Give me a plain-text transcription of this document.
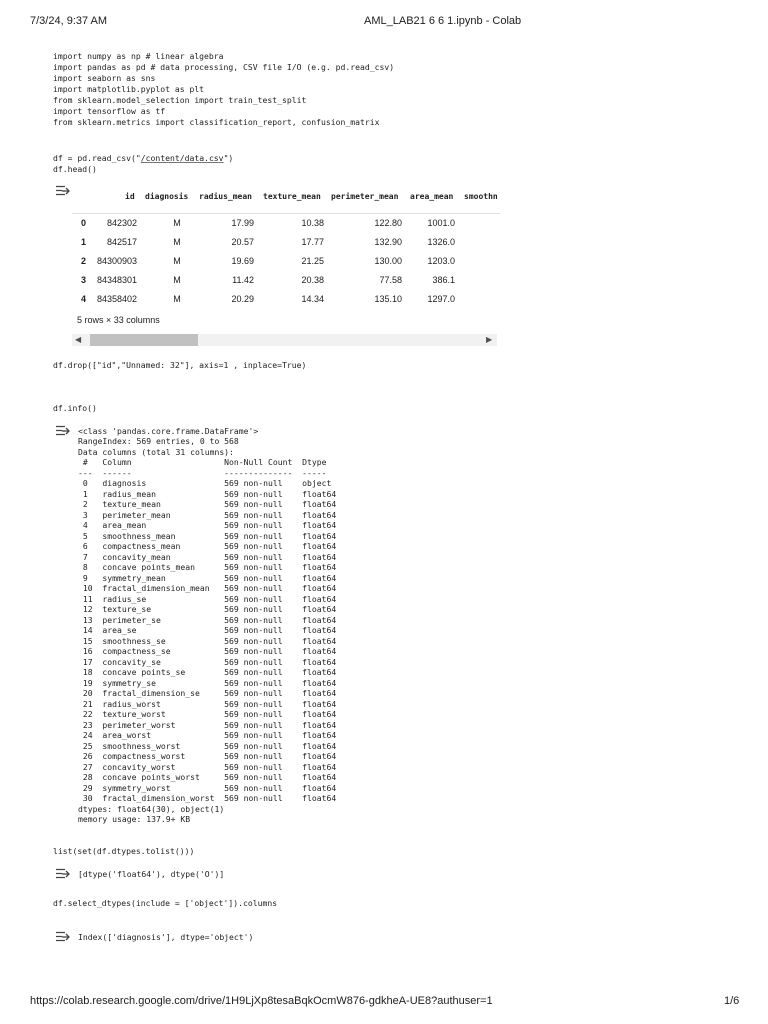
7/3/24, 9:37 AM	AML_LAB21 6 6 1.ipynb - Colab
https://colab.research.google.com/drive/1H9LjXp8tesaBqkOcmW876-gdkheA-UE8?authuser=1	1/6
import numpy as np # linear algebra
import pandas as pd # data processing, CSV file I/O (e.g. pd.read_csv)
import seaborn as sns
import matplotlib.pyplot as plt
from sklearn.model_selection import train_test_split
import tensorflow as tf
from sklearn.metrics import classification_report, confusion_matrix
df = pd.read_csv("/content/data.csv")
df.head()
id diagnosis radius_mean texture_mean perimeter_mean area_mean smoothn
0	842302	M	17.99	10.38	122.80	1001.0
1	842517	M	20.57	17.77	132.90	1326.0
2	84300903	M	19.69	21.25	130.00	1203.0
3	84348301	M	11.42	20.38	77.58	386.1
4	84358402	M	20.29	14.34	135.10	1297.0
5 rows × 33 columns
◀	▶
df.drop(["id","Unnamed: 32"], axis=1 , inplace=True)
df.info()
<class 'pandas.core.frame.DataFrame'>
RangeIndex: 569 entries, 0 to 568
Data columns (total 31 columns):
#   Column                   Non-Null Count  Dtype
---  ------                   --------------  -----
0   diagnosis                569 non-null    object
1   radius_mean              569 non-null    float64
2   texture_mean             569 non-null    float64
3   perimeter_mean           569 non-null    float64
4   area_mean                569 non-null    float64
5   smoothness_mean          569 non-null    float64
6   compactness_mean         569 non-null    float64
7   concavity_mean           569 non-null    float64
8   concave points_mean      569 non-null    float64
9   symmetry_mean            569 non-null    float64
10  fractal_dimension_mean   569 non-null    float64
11  radius_se                569 non-null    float64
12  texture_se               569 non-null    float64
13  perimeter_se             569 non-null    float64
14  area_se                  569 non-null    float64
15  smoothness_se            569 non-null    float64
16  compactness_se           569 non-null    float64
17  concavity_se             569 non-null    float64
18  concave points_se        569 non-null    float64
19  symmetry_se              569 non-null    float64
20  fractal_dimension_se     569 non-null    float64
21  radius_worst             569 non-null    float64
22  texture_worst            569 non-null    float64
23  perimeter_worst          569 non-null    float64
24  area_worst               569 non-null    float64
25  smoothness_worst         569 non-null    float64
26  compactness_worst        569 non-null    float64
27  concavity_worst          569 non-null    float64
28  concave points_worst     569 non-null    float64
29  symmetry_worst           569 non-null    float64
30  fractal_dimension_worst  569 non-null    float64
dtypes: float64(30), object(1)
memory usage: 137.9+ KB
list(set(df.dtypes.tolist()))
[dtype('float64'), dtype('O')]
df.select_dtypes(include = ['object']).columns
Index(['diagnosis'], dtype='object')
